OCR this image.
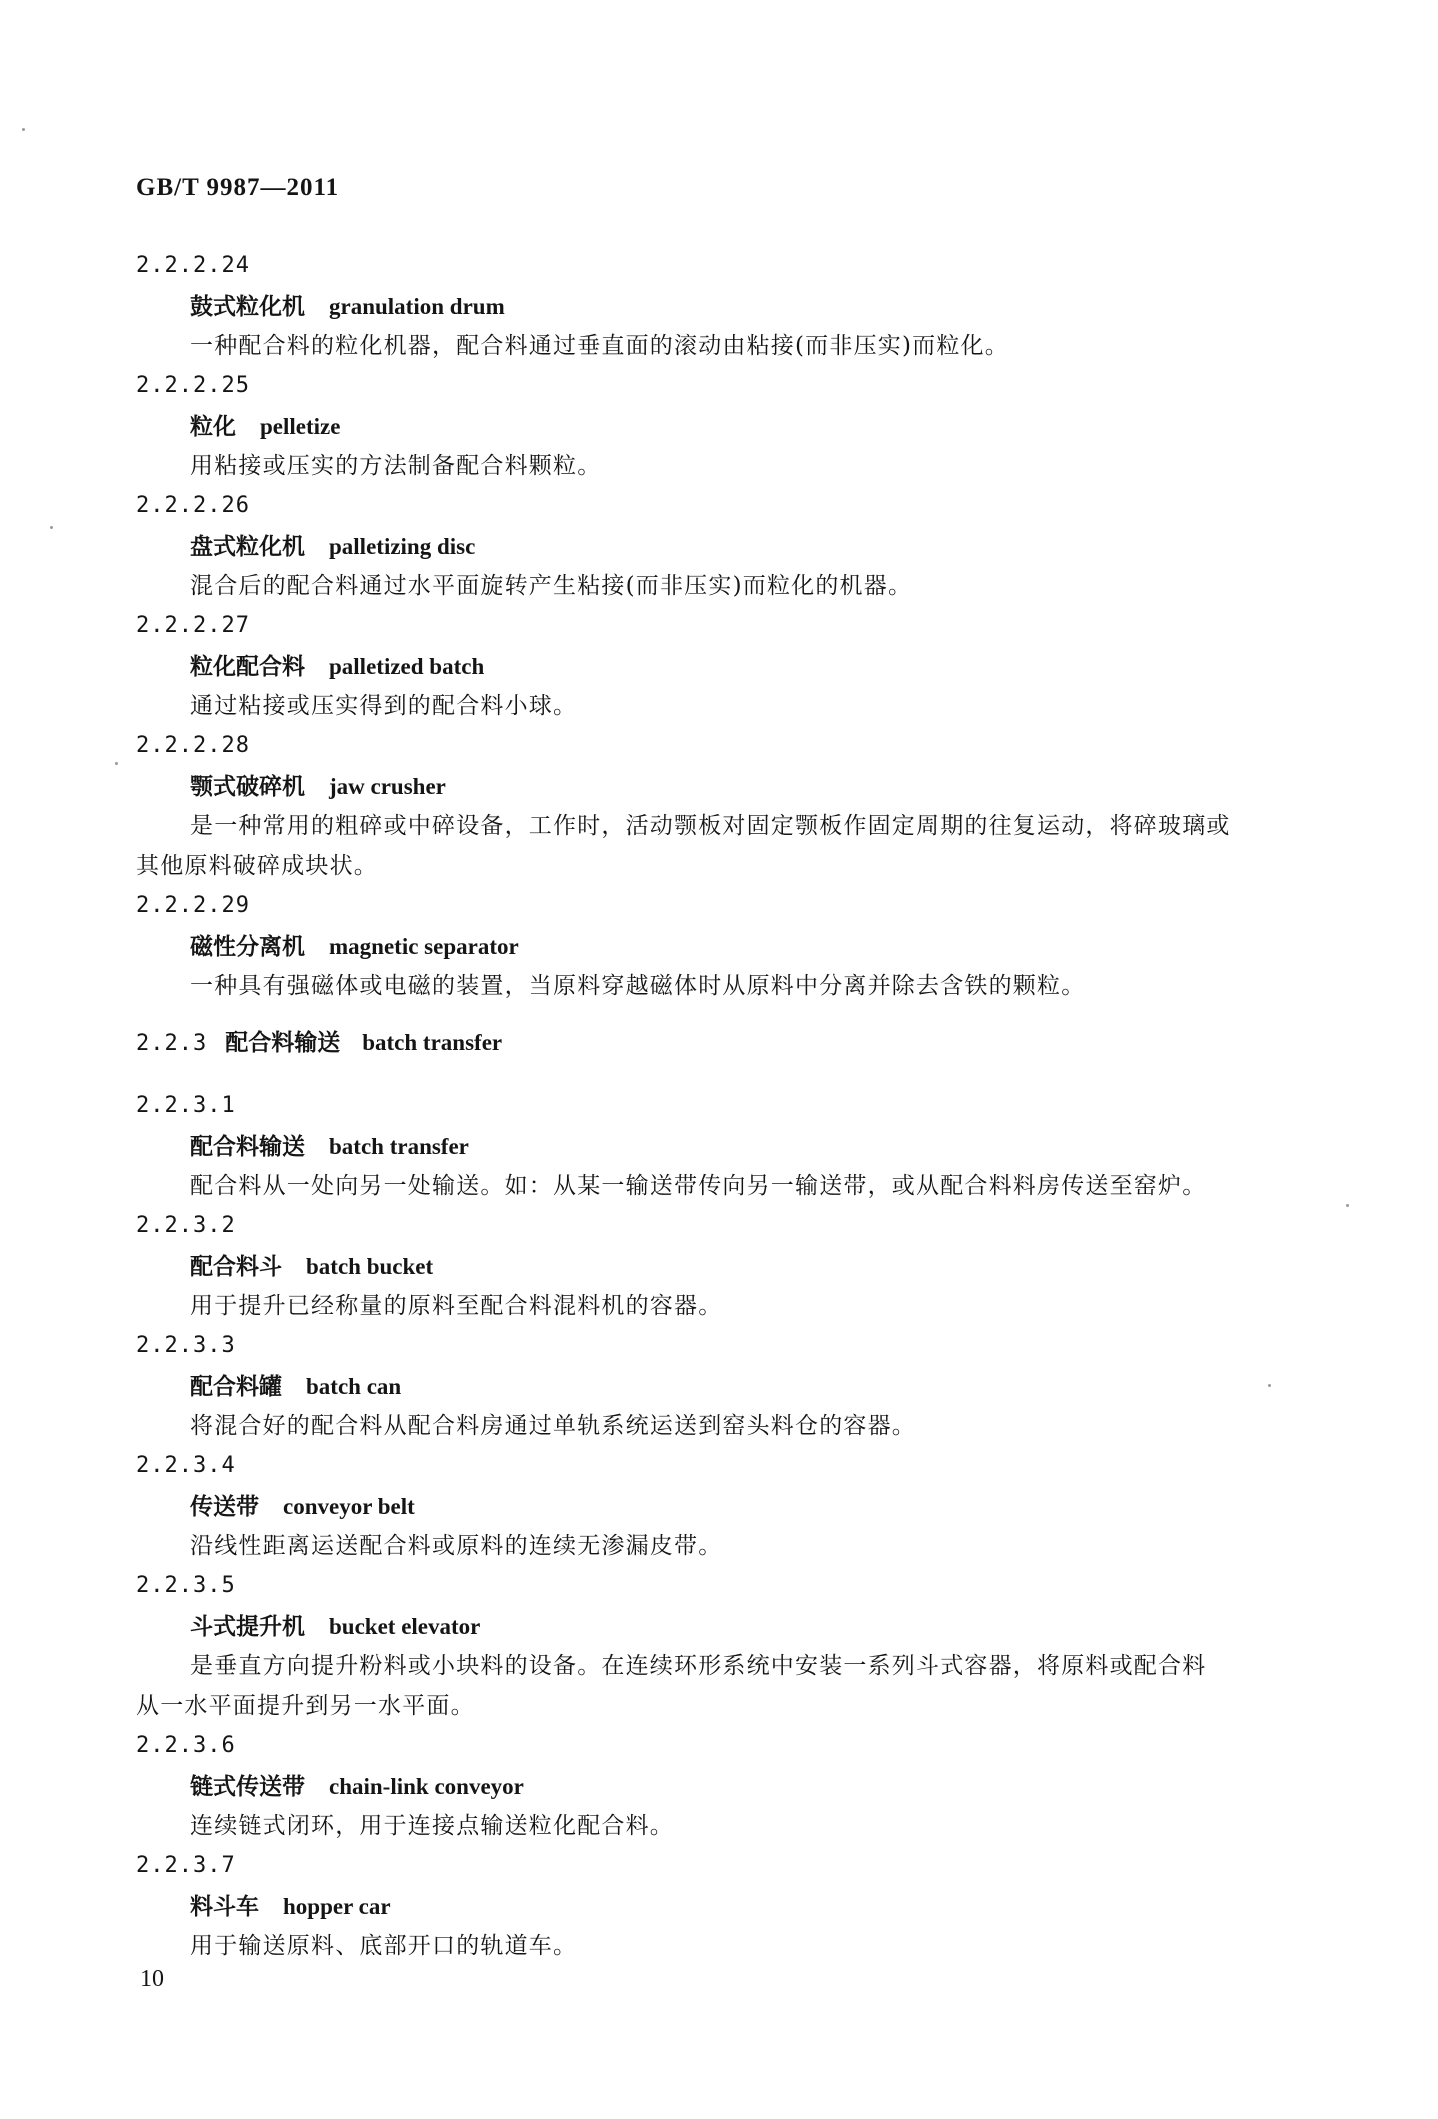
GB/T 9987—2011
2.2.2.24
鼓式粒化机 granulation drum
一种配合料的粒化机器，配合料通过垂直面的滚动由粘接(而非压实)而粒化。
2.2.2.25
粒化 pelletize
用粘接或压实的方法制备配合料颗粒。
2.2.2.26
盘式粒化机 palletizing disc
混合后的配合料通过水平面旋转产生粘接(而非压实)而粒化的机器。
2.2.2.27
粒化配合料 palletized batch
通过粘接或压实得到的配合料小球。
2.2.2.28
颚式破碎机 jaw crusher
是一种常用的粗碎或中碎设备，工作时，活动颚板对固定颚板作固定周期的往复运动，将碎玻璃或
其他原料破碎成块状。
2.2.2.29
磁性分离机 magnetic separator
一种具有强磁体或电磁的装置，当原料穿越磁体时从原料中分离并除去含铁的颗粒。
2.2.3 配合料输送 batch transfer
2.2.3.1
配合料输送 batch transfer
配合料从一处向另一处输送。如：从某一输送带传向另一输送带，或从配合料料房传送至窑炉。
2.2.3.2
配合料斗 batch bucket
用于提升已经称量的原料至配合料混料机的容器。
2.2.3.3
配合料罐 batch can
将混合好的配合料从配合料房通过单轨系统运送到窑头料仓的容器。
2.2.3.4
传送带 conveyor belt
沿线性距离运送配合料或原料的连续无渗漏皮带。
2.2.3.5
斗式提升机 bucket elevator
是垂直方向提升粉料或小块料的设备。在连续环形系统中安装一系列斗式容器，将原料或配合料
从一水平面提升到另一水平面。
2.2.3.6
链式传送带 chain-link conveyor
连续链式闭环，用于连接点输送粒化配合料。
2.2.3.7
料斗车 hopper car
用于输送原料、底部开口的轨道车。
10
